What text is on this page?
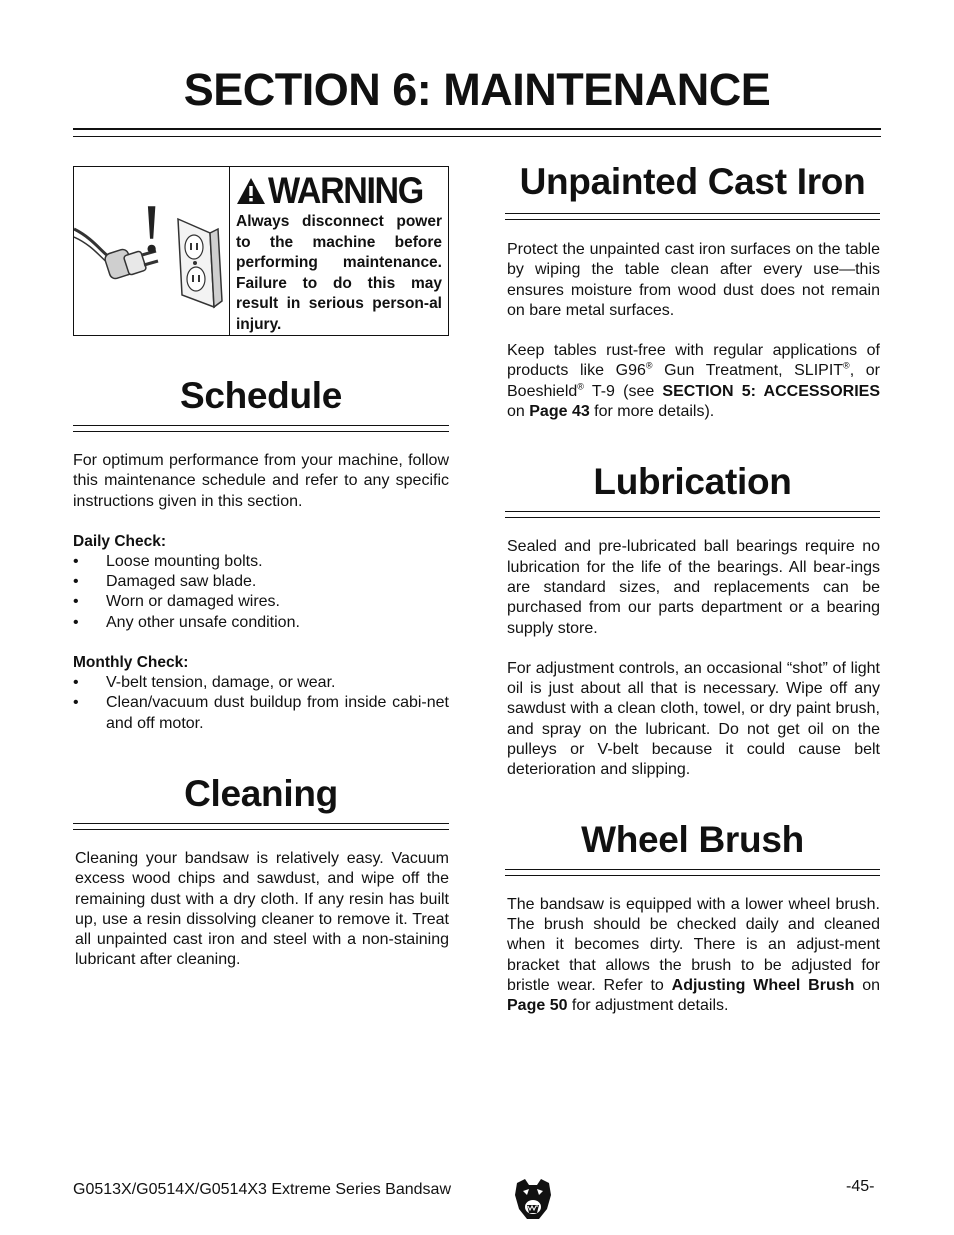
SECTION 6: MAINTENANCE
!
WARNING

Always disconnect power to the machine before performing maintenance. Failure to do this may result in serious person-al injury.

Schedule

For optimum performance from your machine, follow this maintenance schedule and refer to any specific instructions given in this section.

Daily Check:

• Loose mounting bolts.
• Damaged saw blade.
• Worn or damaged wires.
• Any other unsafe condition.

Monthly Check:

• V-belt tension, damage, or wear.
• Clean/vacuum dust buildup from inside cabi-net and off motor.
Cleaning

Cleaning your bandsaw is relatively easy. Vacuum excess wood chips and sawdust, and wipe off the remaining dust with a dry cloth. If any resin has built up, use a resin dissolving cleaner to remove it. Treat all unpainted cast iron and steel with a non-staining lubricant after cleaning.

Unpainted Cast Iron

Protect the unpainted cast iron surfaces on the table by wiping the table clean after every use—this ensures moisture from wood dust does not remain on bare metal surfaces.

Keep tables rust-free with regular applications of products like G96® Gun Treatment, SLIPIT®, or Boeshield® T-9 (see SECTION 5: ACCESSORIES on Page 43 for more details).

Lubrication

Sealed and pre-lubricated ball bearings require no lubrication for the life of the bearings. All bear-ings are standard sizes, and replacements can be purchased from our parts department or a bearing supply store.

For adjustment controls, an occasional “shot” of light oil is just about all that is necessary. Wipe off any sawdust with a clean cloth, towel, or dry paint brush, and spray on the lubricant. Do not get oil on the pulleys or V-belt because it could cause belt deterioration and slipping.

Wheel Brush

The bandsaw is equipped with a lower wheel brush. The brush should be checked daily and cleaned when it becomes dirty. There is an adjust-ment bracket that allows the brush to be adjusted for bristle wear. Refer to Adjusting Wheel Brush on Page 50 for adjustment details.

G0513X/G0514X/G0514X3 Extreme Series Bandsaw	-45-
